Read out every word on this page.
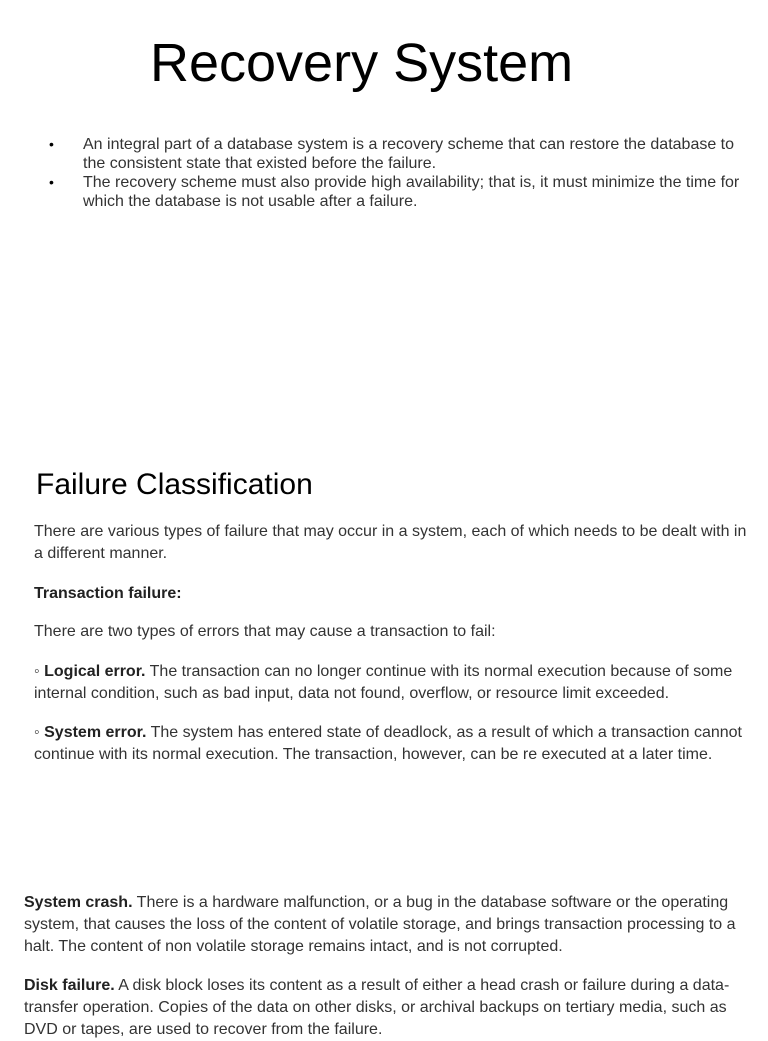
Recovery System
• An integral part of a database system is a recovery scheme that can restore the database to the consistent state that existed before the failure.
• The recovery scheme must also provide high availability; that is, it must minimize the time for which the database is not usable after a failure.
Failure Classification

There are various types of failure that may occur in a system, each of which needs to be dealt with in a different manner.

Transaction failure:

There are two types of errors that may cause a transaction to fail:

◦ Logical error. The transaction can no longer continue with its normal execution because of some internal condition, such as bad input, data not found, overflow, or resource limit exceeded.

◦ System error. The system has entered state of deadlock, as a result of which a transaction cannot continue with its normal execution. The transaction, however, can be re executed at a later time.

System crash. There is a hardware malfunction, or a bug in the database software or the operating system, that causes the loss of the content of volatile storage, and brings transaction processing to a halt. The content of non volatile storage remains intact, and is not corrupted.

Disk failure. A disk block loses its content as a result of either a head crash or failure during a data-transfer operation. Copies of the data on other disks, or archival backups on tertiary media, such as DVD or tapes, are used to recover from the failure.
